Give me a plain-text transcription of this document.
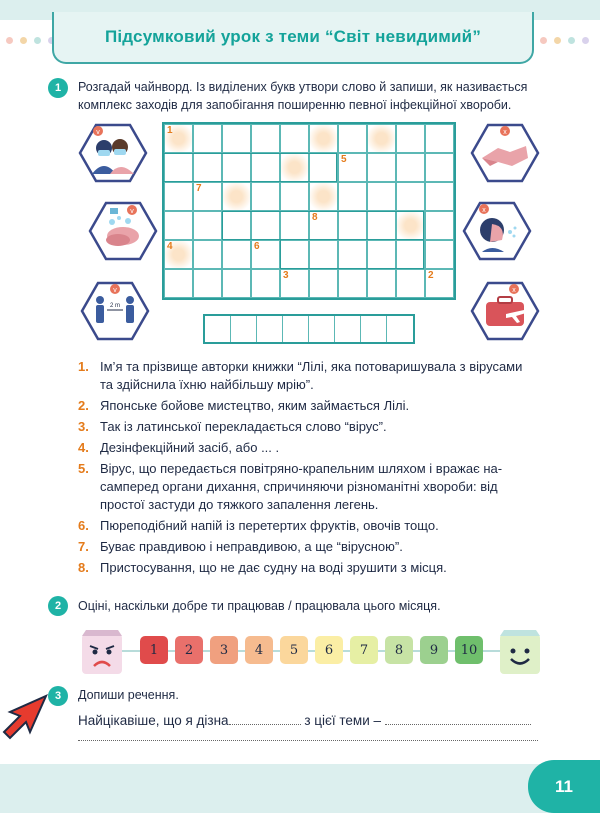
Підсумковий урок з теми “Світ невидимий”
1	Розгадай чайнворд. Із виділених букв утвори слово й запиши, як називається комплекс заходів для запобігання поширенню певної інфекційної хвороби.
v
v
2 m
v
x
x
x
1
5
7
8
4	6
3	2
1. Ім’я та прізвище авторки книжки “Лілі, яка потоваришувала з вірусами та здійснила їхню найбільшу мрію”.
2. Японське бойове мистецтво, яким займається Лілі.
3. Так із латинської перекладається слово “вірус”.
4. Дезінфекційний засіб, або ... .
5. Вірус, що передається повітряно-крапельним шляхом і вражає насамперед органи дихання, спричиняючи різноманітні хвороби: від простої застуди до тяжкого запалення легень.
6. Пюреподібний напій із перетертих фруктів, овочів тощо.
7. Буває правдивою і неправдивою, а ще “вірусною”.
8. Пристосування, що не дає судну на воді зрушити з місця.
2	Оціні, наскільки добре ти працював / працювала цього місяця.
1	2	3	4	5	6	7	8	9	10
3	Допиши речення.
Найцікавіше, що я дізна	з цієї теми –
11
